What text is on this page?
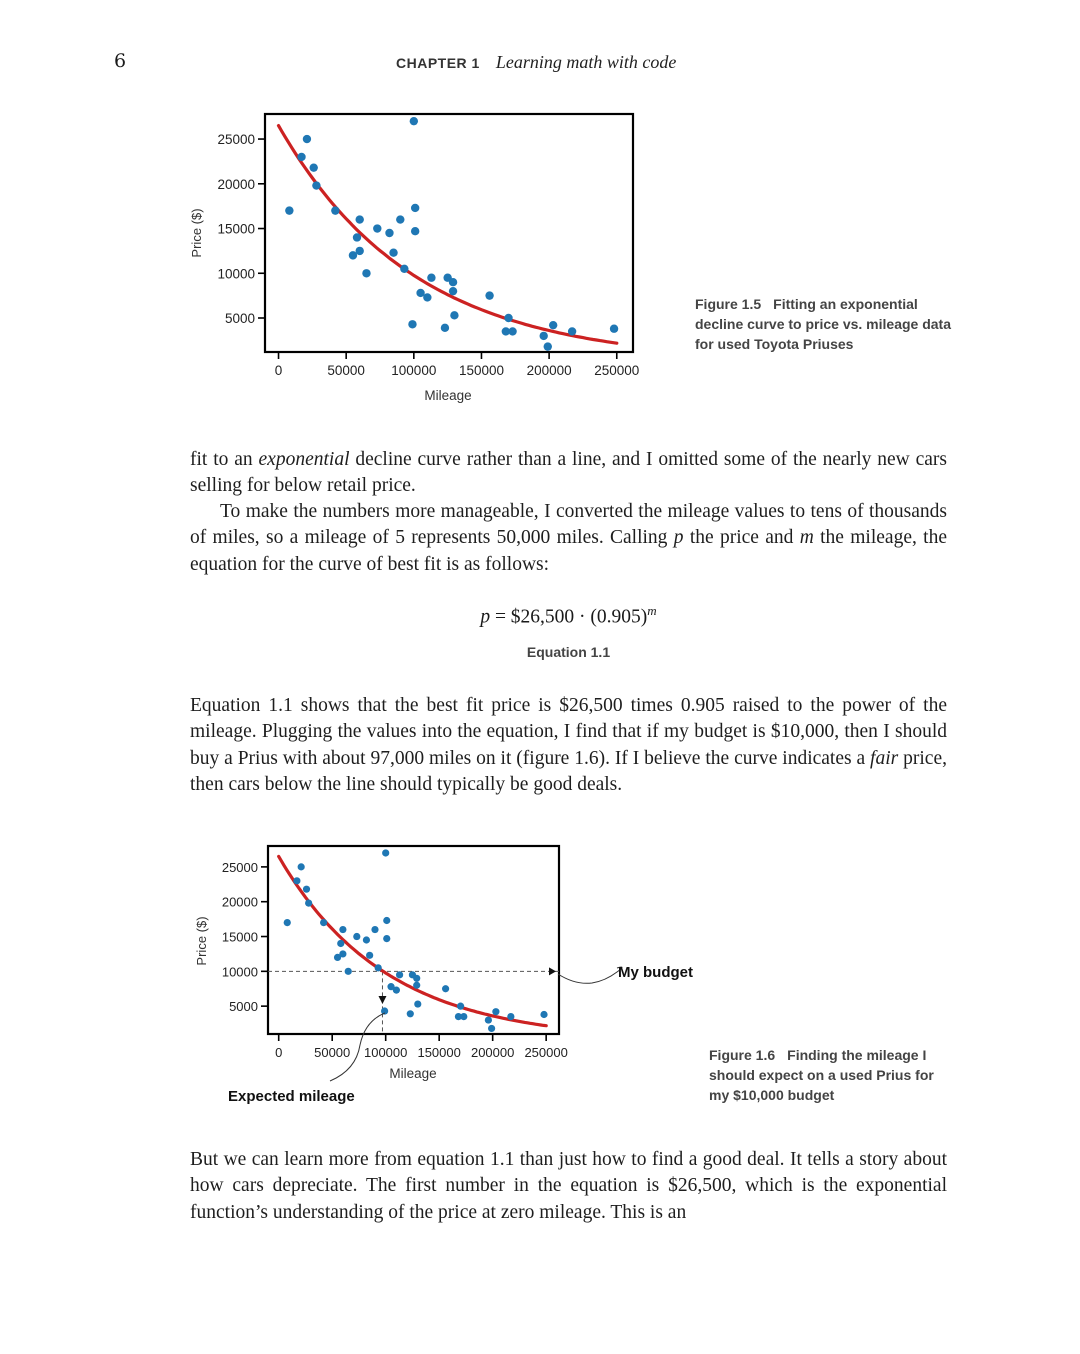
6	CHAPTER 1 Learning math with code
5000
10000
15000
20000
25000
0	50000 100000 150000 200000 250000
Price ($)
Mileage
Figure 1.5 Fitting an exponential decline curve to price vs. mileage data for used Toyota Priuses

fit to an exponential decline curve rather than a line, and I omitted some of the nearly new cars selling for below retail price.

To make the numbers more manageable, I converted the mileage values to tens of thousands of miles, so a mileage of 5 represents 50,000 miles. Calling p the price and m the mileage, the equation for the curve of best fit is as follows:

p = $26,500 · $(0.905)^m$
Equation 1.1

Equation 1.1 shows that the best fit price is $26,500 times 0.905 raised to the power of the mileage. Plugging the values into the equation, I find that if my budget is $10,000, then I should buy a Prius with about 97,000 miles on it (figure 1.6). If I believe the curve indicates a fair price, then cars below the line should typically be good deals.

5000
10000
15000
20000
25000
0 50000 100000 150000 200000 250000
Price ($)
Mileage
My budget
Expected mileage
Figure 1.6 Finding the mileage I should expect on a used Prius for my $10,000 budget

But we can learn more from equation 1.1 than just how to find a good deal. It tells a story about how cars depreciate. The first number in the equation is $26,500, which is the exponential function’s understanding of the price at zero mileage. This is an
